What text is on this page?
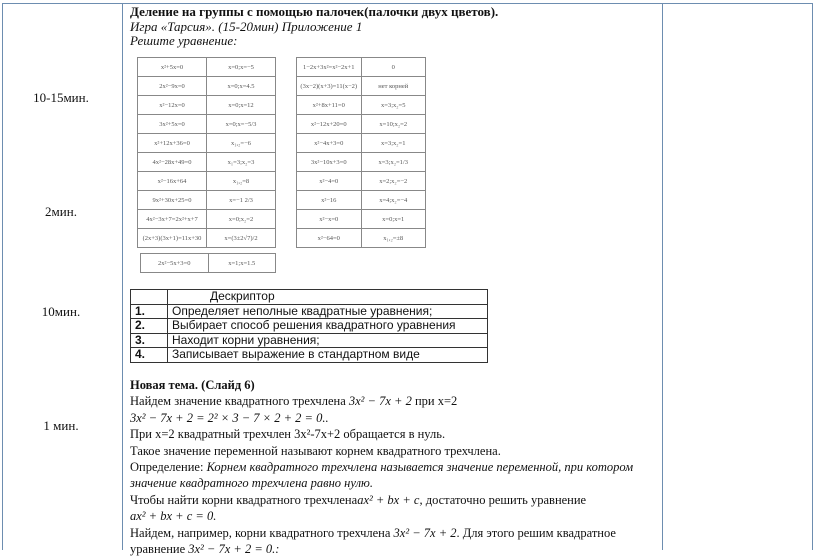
10-15мин.
2мин.
10мин.
1 мин.
Деление на группы с помощью палочек(палочки двух цветов).
Игра «Тарсия». (15-20мин) Приложение 1
Решите уравнение:
x²+5x=0	x=0;x=−5
2x²−9x=0	x=0;x=4.5
x²−12x=0	x=0;x=12
3x²+5x=0	x=0;x=−5/3
x²+12x+36=0	x₁,₂=−6
4x²−28x+49=0	x₁=3;x₂=3
x²−16x+64	x₁,₂=8
9x²+30x+25=0	x=−1 2/3
4x²−3x+7=2x²+x+7	x=0;x₂=2
(2x+3)(3x+1)=11x+30	x=(3±2√7)/2
2x²−5x+3=0	x=1;x=1.5
1−2x+3x²=x²−2x+1	0
(3x−2)(x+3)=11(x−2)	нет корней
x²+8x+11=0	x=3;x₂=5
x²−12x+20=0	x=10;x₂=2
x²−4x+3=0	x=3;x₂=1
3x²−10x+3=0	x=3;x₂=1/3
x²−4=0	x=2;x₂=−2
x²−16	x=4;x₂=−4
x²−x=0	x=0;x=1
x²−64=0	x₁,₂=±8
	Дескриптор
1.	Определяет неполные квадратные уравнения;
2.	Выбирает способ решения квадратного уравнения
3.	Находит корни уравнения;
4.	Записывает выражение в стандартном виде

Новая тема. (Слайд 6)

Найдем значение квадратного трехчлена 3x² − 7x + 2 при x=2

3x² − 7x + 2 = 2² × 3 − 7 × 2 + 2 = 0..

При x=2 квадратный трехчлен 3x²-7x+2 обращается в нуль.

Такое значение переменной называют корнем квадратного трехчлена.

Определение: Корнем квадратного трехчлена называется значение переменной, при котором

значение квадратного трехчлена равно нулю.

Чтобы найти корни квадратного трехчленаax² + bx + c, достаточно решить уравнение

ax² + bx + c = 0.

Найдем, например, корни квадратного трехчлена 3x² − 7x + 2. Для этого решим квадратное

уравнение 3x² − 7x + 2 = 0.:
